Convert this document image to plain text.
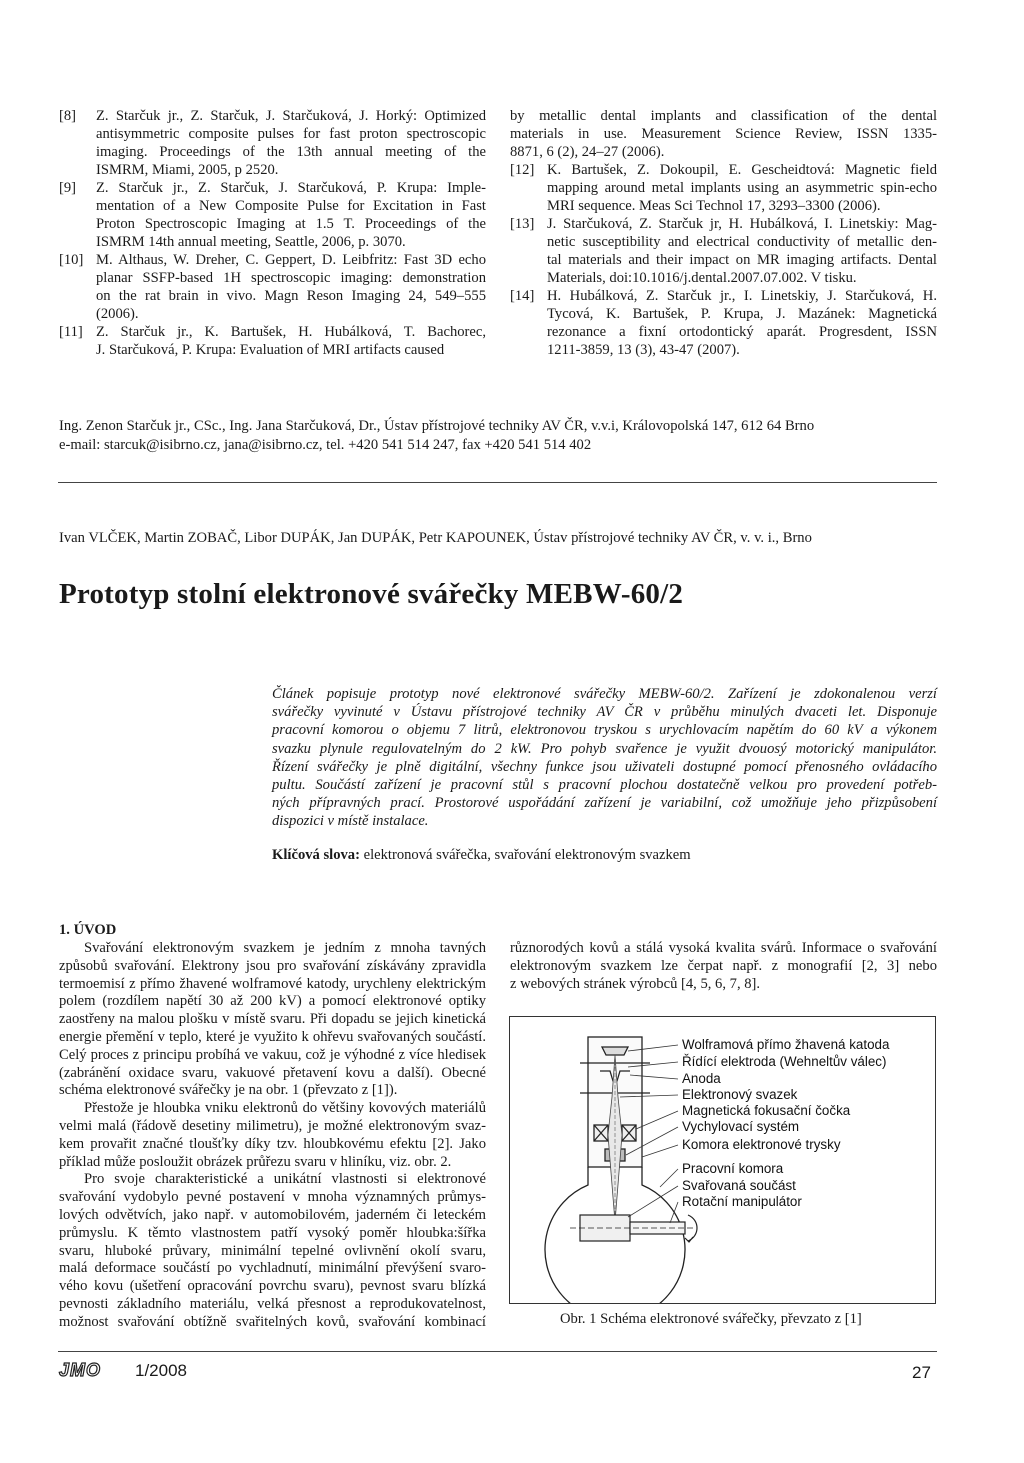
[8]	Z. Starčuk jr., Z. Starčuk, J. Starčuková, J. Horký: Optimized
antisymmetric composite pulses for fast proton spectroscopic
imaging. Proceedings of the 13th annual meeting of the
ISMRM, Miami, 2005, p 2520.
[9]	Z. Starčuk jr., Z. Starčuk, J. Starčuková, P. Krupa: Imple-
mentation of a New Composite Pulse for Excitation in Fast
Proton Spectroscopic Imaging at 1.5 T. Proceedings of the
ISMRM 14th annual meeting, Seattle, 2006, p. 3070.
[10] M. Althaus, W. Dreher, C. Geppert, D. Leibfritz: Fast 3D echo
planar SSFP-based 1H spectroscopic imaging: demonstration
on the rat brain in vivo. Magn Reson Imaging 24, 549–555
(2006).
[11] Z. Starčuk jr., K. Bartušek, H. Hubálková, T. Bachorec,
J. Starčuková, P. Krupa: Evaluation of MRI artifacts caused
by metallic dental implants and classification of the dental
materials in use. Measurement Science Review, ISSN 1335-
8871, 6 (2), 24–27 (2006).
[12] K. Bartušek, Z. Dokoupil, E. Gescheidtová: Magnetic field
mapping around metal implants using an asymmetric spin-echo
MRI sequence. Meas Sci Technol 17, 3293–3300 (2006).
[13] J. Starčuková, Z. Starčuk jr, H. Hubálková, I. Linetskiy: Mag-
netic susceptibility and electrical conductivity of metallic den-
tal materials and their impact on MR imaging artifacts. Dental
Materials, doi:10.1016/j.dental.2007.07.002. V tisku.
[14] H. Hubálková, Z. Starčuk jr., I. Linetskiy, J. Starčuková, H.
Tycová, K. Bartušek, P. Krupa, J. Mazánek: Magnetická
rezonance a fixní ortodontický aparát. Progresdent, ISSN
1211-3859, 13 (3), 43-47 (2007).
Ing. Zenon Starčuk jr., CSc., Ing. Jana Starčuková, Dr., Ústav přístrojové techniky AV ČR, v.v.i, Královopolská 147, 612 64 Brno
e-mail: starcuk@isibrno.cz, jana@isibrno.cz, tel. +420 541 514 247, fax +420 541 514 402
Ivan VLČEK, Martin ZOBAČ, Libor DUPÁK, Jan DUPÁK, Petr KAPOUNEK, Ústav přístrojové techniky AV ČR, v. v. i., Brno
Prototyp stolní elektronové svářečky MEBW-60/2
Článek popisuje prototyp nové elektronové svářečky MEBW-60/2. Zařízení je zdokonalenou verzí
svářečky vyvinuté v Ústavu přístrojové techniky AV ČR v průběhu minulých dvaceti let. Disponuje
pracovní komorou o objemu 7 litrů, elektronovou tryskou s urychlovacím napětím do 60 kV a výkonem
svazku plynule regulovatelným do 2 kW. Pro pohyb svařence je využit dvouosý motorický manipulátor.
Řízení svářečky je plně digitální, všechny funkce jsou uživateli dostupné pomocí přenosného ovládacího
pultu. Součástí zařízení je pracovní stůl s pracovní plochou dostatečně velkou pro provedení potřeb-
ných přípravných prací. Prostorové uspořádání zařízení je variabilní, což umožňuje jeho přizpůsobení
dispozici v místě instalace.
Klíčová slova: elektronová svářečka, svařování elektronovým svazkem
1. ÚVOD
Svařování elektronovým svazkem je jedním z mnoha tavných
způsobů svařování. Elektrony jsou pro svařování získávány zpravidla
termoemisí z přímo žhavené wolframové katody, urychleny elektrickým
polem (rozdílem napětí 30 až 200 kV) a pomocí elektronové optiky
zaostřeny na malou plošku v místě svaru. Při dopadu se jejich kinetická
energie přemění v teplo, které je využito k ohřevu svařovaných součástí.
Celý proces z principu probíhá ve vakuu, což je výhodné z více hledisek
(zabránění oxidace svaru, vakuové přetavení kovu a další). Obecné
schéma elektronové svářečky je na obr. 1 (převzato z [1]).
Přestože je hloubka vniku elektronů do většiny kovových materiálů
velmi malá (řádově desetiny milimetru), je možné elektronovým svaz-
kem provařit značné tloušťky díky tzv. hloubkovému efektu [2]. Jako
příklad může posloužit obrázek průřezu svaru v hliníku, viz. obr. 2.
Pro svoje charakteristické a unikátní vlastnosti si elektronové
svařování vydobylo pevné postavení v mnoha významných průmys-
lových odvětvích, jako např. v automobilovém, jaderném či leteckém
průmyslu. K těmto vlastnostem patří vysoký poměr hloubka:šířka
svaru, hluboké průvary, minimální tepelné ovlivnění okolí svaru,
malá deformace součástí po vychladnutí, minimální převýšení svaro-
vého kovu (ušetření opracování povrchu svaru), pevnost svaru blízká
pevnosti základního materiálu, velká přesnost a reprodukovatelnost,
možnost svařování obtížně svařitelných kovů, svařování kombinací
různorodých kovů a stálá vysoká kvalita svárů. Informace o svařování
elektronovým svazkem lze čerpat např. z monografií [2, 3] nebo
z webových stránek výrobců [4, 5, 6, 7, 8].
Wolframová přímo žhavená katoda
Řídící elektroda (Wehneltův válec)
Anoda
Elektronový svazek
Magnetická fokusační čočka
Vychylovací systém
Komora elektronové trysky
Pracovní komora
Svařovaná součást
Rotační manipulátor
Obr. 1 Schéma elektronové svářečky, převzato z [1]
JMO 1/2008	27
